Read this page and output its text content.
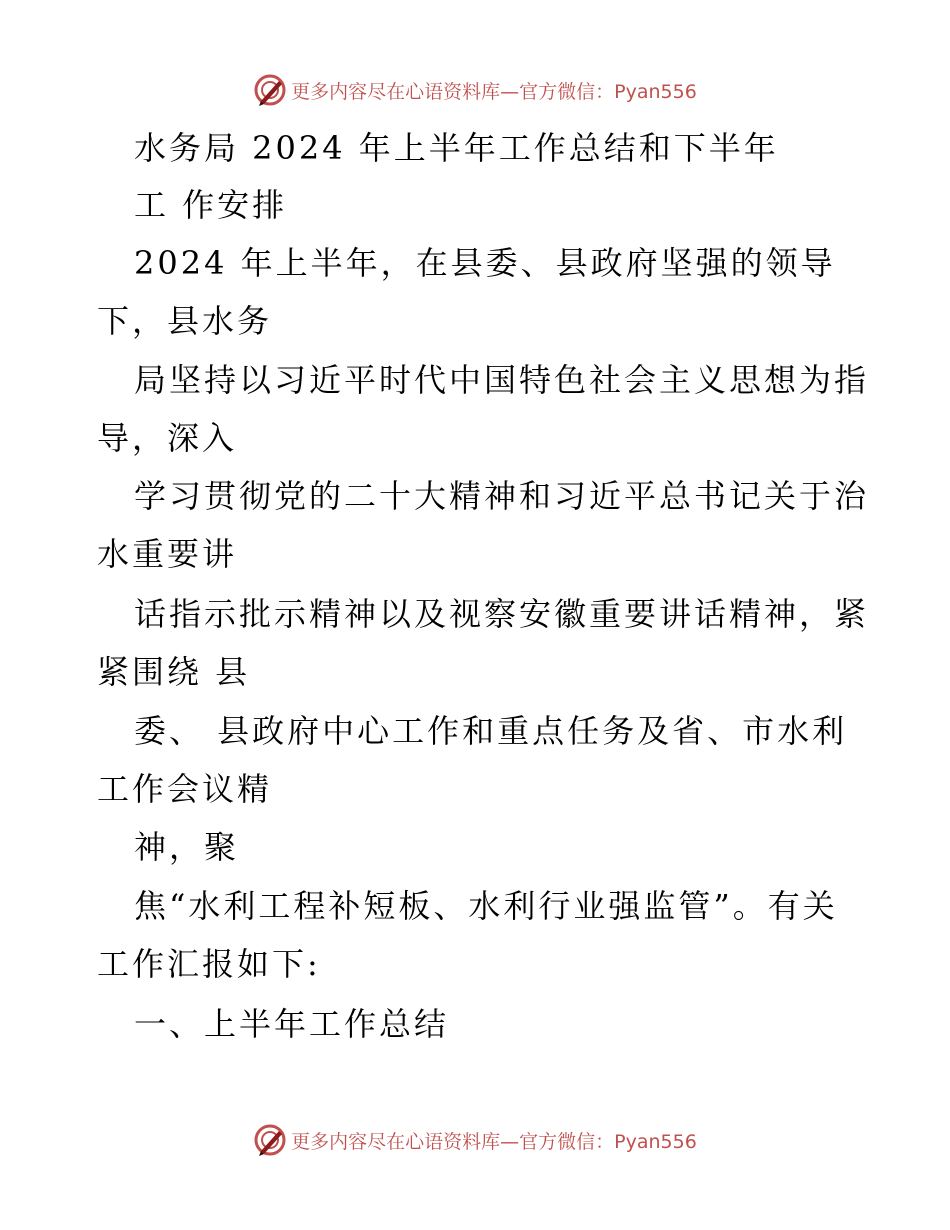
更多内容尽在心语资料库—官方微信：Pyan556
水务局 2024 年上半年工作总结和下半年
工 作安排
2024 年上半年，在县委、县政府坚强的领导
下，县水务
局坚持以习近平时代中国特色社会主义思想为指
导，深入
学习贯彻党的二十大精神和习近平总书记关于治
水重要讲
话指示批示精神以及视察安徽重要讲话精神，紧
紧围绕 县
委、 县政府中心工作和重点任务及省、市水利
工作会议精
神，聚
焦“水利工程补短板、水利行业强监管”。有关
工作汇报如下:
一、上半年工作总结
更多内容尽在心语资料库—官方微信：Pyan556
